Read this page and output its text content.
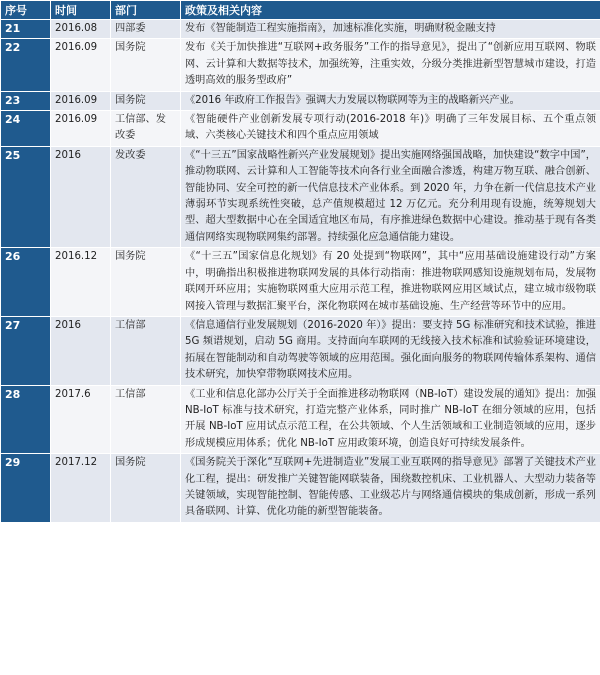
序号	时间	部门	政策及相关内容
21	2016.08	四部委	发布《智能制造工程实施指南》，加速标准化实施，明确财税金融支持
22	2016.09	国务院	发布《关于加快推进“互联网+政务服务”工作的指导意见》，提出了“创新应用互联网、物联网、云计算和大数据等技术，加强统筹，注重实效，分级分类推进新型智慧城市建设，打造透明高效的服务型政府”
23	2016.09	国务院	《2016 年政府工作报告》强调大力发展以物联网等为主的战略新兴产业。
24	2016.09	工信部、发改委	《智能硬件产业创新发展专项行动(2016-2018 年)》明确了三年发展目标、五个重点领域、六类核心关键技术和四个重点应用领域
25	2016	发改委	《“十三五”国家战略性新兴产业发展规划》提出实施网络强国战略，加快建设“数字中国”，推动物联网、云计算和人工智能等技术向各行业全面融合渗透，构建万物互联、融合创新、智能协同、安全可控的新一代信息技术产业体系。到 2020 年，力争在新一代信息技术产业薄弱环节实现系统性突破，总产值规模超过 12 万亿元。充分利用现有设施，统筹规划大型、超大型数据中心在全国适宜地区布局，有序推进绿色数据中心建设。推动基于现有各类通信网络实现物联网集约部署。持续强化应急通信能力建设。
26	2016.12	国务院	《“十三五”国家信息化规划》有 20 处提到“物联网”，其中“应用基础设施建设行动”方案中，明确指出积极推进物联网发展的具体行动指南：推进物联网感知设施规划布局，发展物联网开环应用；实施物联网重大应用示范工程，推进物联网应用区域试点，建立城市级物联网接入管理与数据汇聚平台，深化物联网在城市基础设施、生产经营等环节中的应用。
27	2016	工信部	《信息通信行业发展规划（2016-2020 年）》提出：要支持 5G 标准研究和技术试验，推进 5G 频谱规划，启动 5G 商用。支持面向车联网的无线接入技术标准和试验验证环境建设，拓展在智能制动和自动驾驶等领域的应用范围。强化面向服务的物联网传输体系架构、通信技术研究，加快窄带物联网技术应用。
28	2017.6	工信部	《工业和信息化部办公厅关于全面推进移动物联网（NB-IoT）建设发展的通知》提出：加强 NB-IoT 标准与技术研究，打造完整产业体系，同时推广 NB-IoT 在细分领域的应用，包括开展 NB-IoT 应用试点示范工程，在公共领域、个人生活领域和工业制造领域的应用，逐步形成规模应用体系；优化 NB-IoT 应用政策环境，创造良好可持续发展条件。
29	2017.12	国务院	《国务院关于深化“互联网+先进制造业”发展工业互联网的指导意见》部署了关键技术产业化工程，提出：研发推广关键智能网联装备，围绕数控机床、工业机器人、大型动力装备等关键领域，实现智能控制、智能传感、工业级芯片与网络通信模块的集成创新，形成一系列具备联网、计算、优化功能的新型智能装备。
